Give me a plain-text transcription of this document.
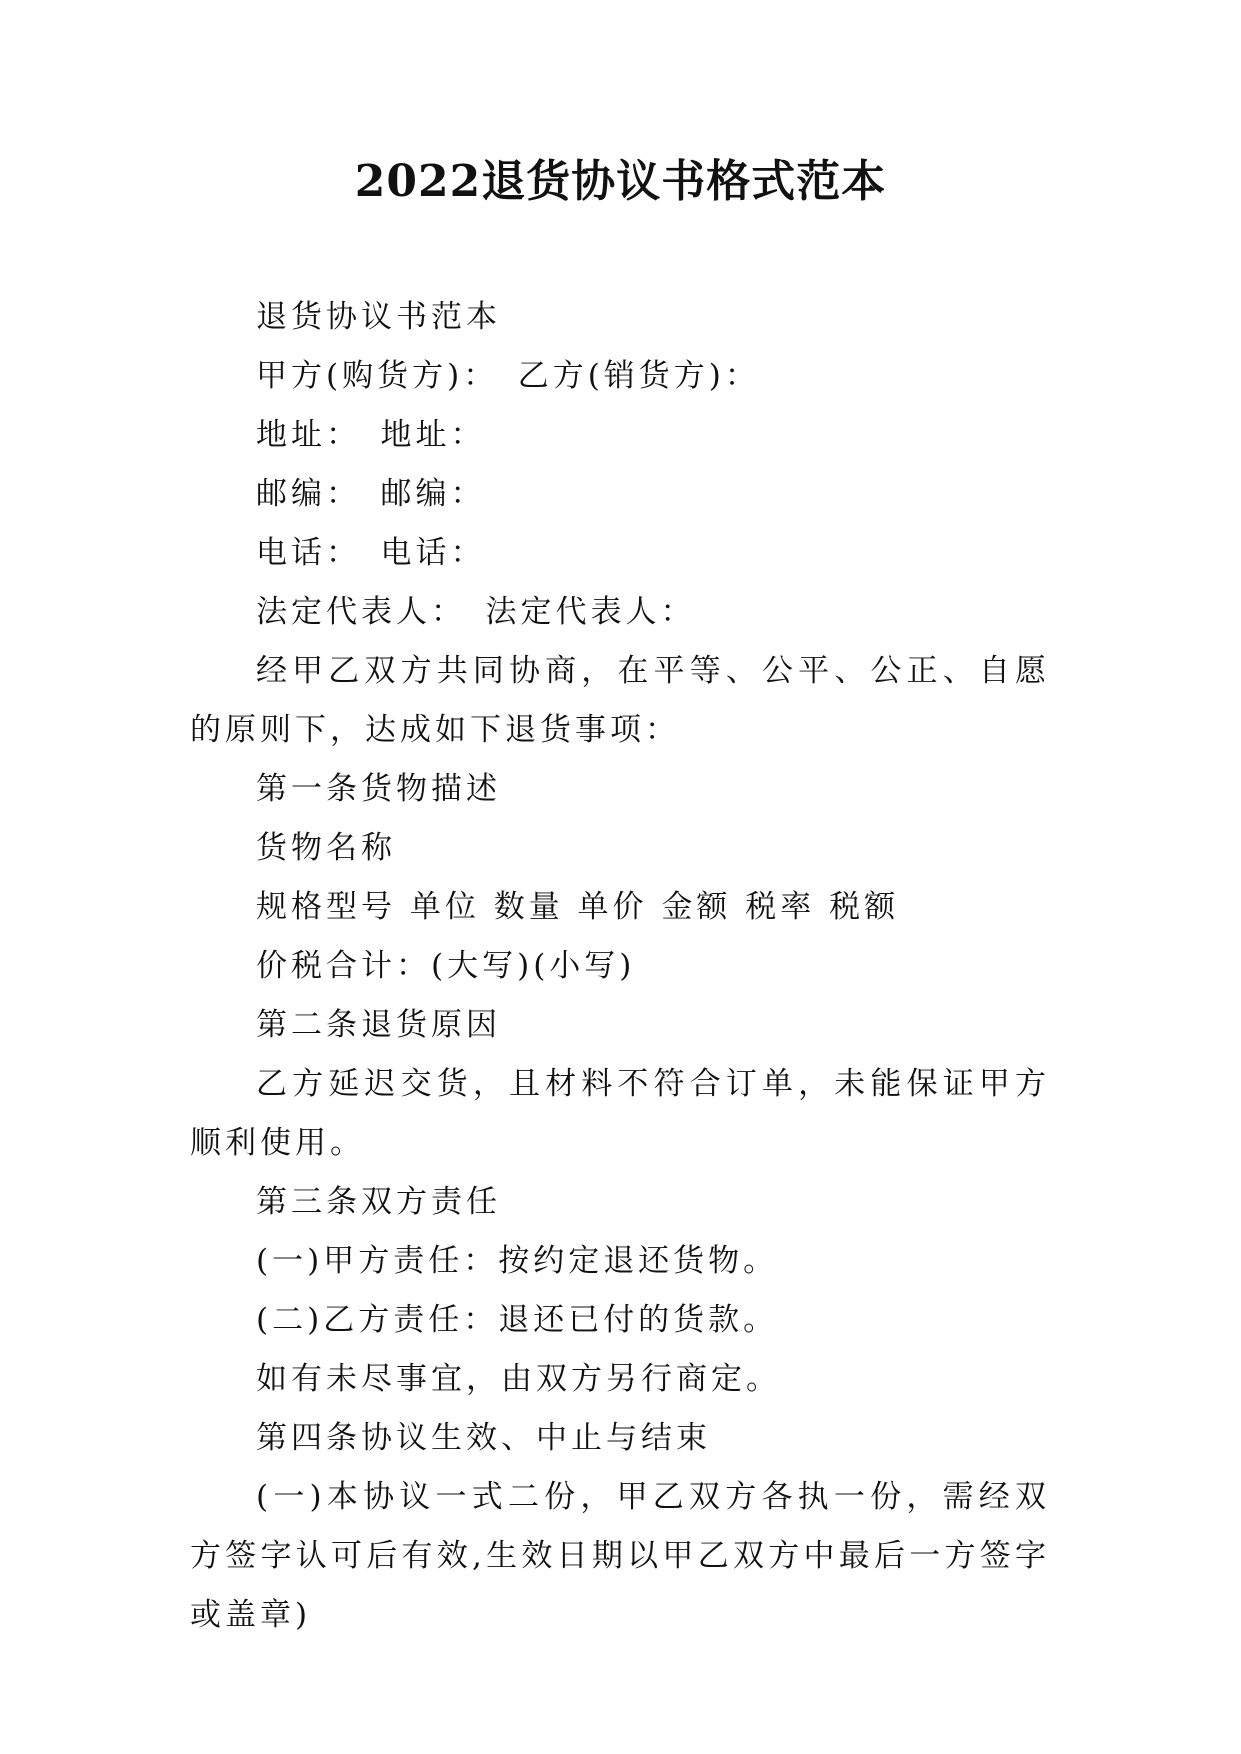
2022退货协议书格式范本

退货协议书范本

甲方(购货方)：　乙方(销货方)：

地址：　地址：

邮编：　邮编：

电话：　电话：

法定代表人：　法定代表人：

经甲乙双方共同协商，在平等、公平、公正、自愿的原则下，达成如下退货事项：

第一条货物描述

货物名称

规格型号 单位 数量 单价 金额 税率 税额

价税合计：(大写)(小写)

第二条退货原因

乙方延迟交货，且材料不符合订单，未能保证甲方顺利使用。

第三条双方责任

(一)甲方责任：按约定退还货物。

(二)乙方责任：退还已付的货款。

如有未尽事宜，由双方另行商定。

第四条协议生效、中止与结束

(一)本协议一式二份，甲乙双方各执一份，需经双方签字认可后有效,生效日期以甲乙双方中最后一方签字或盖章)
